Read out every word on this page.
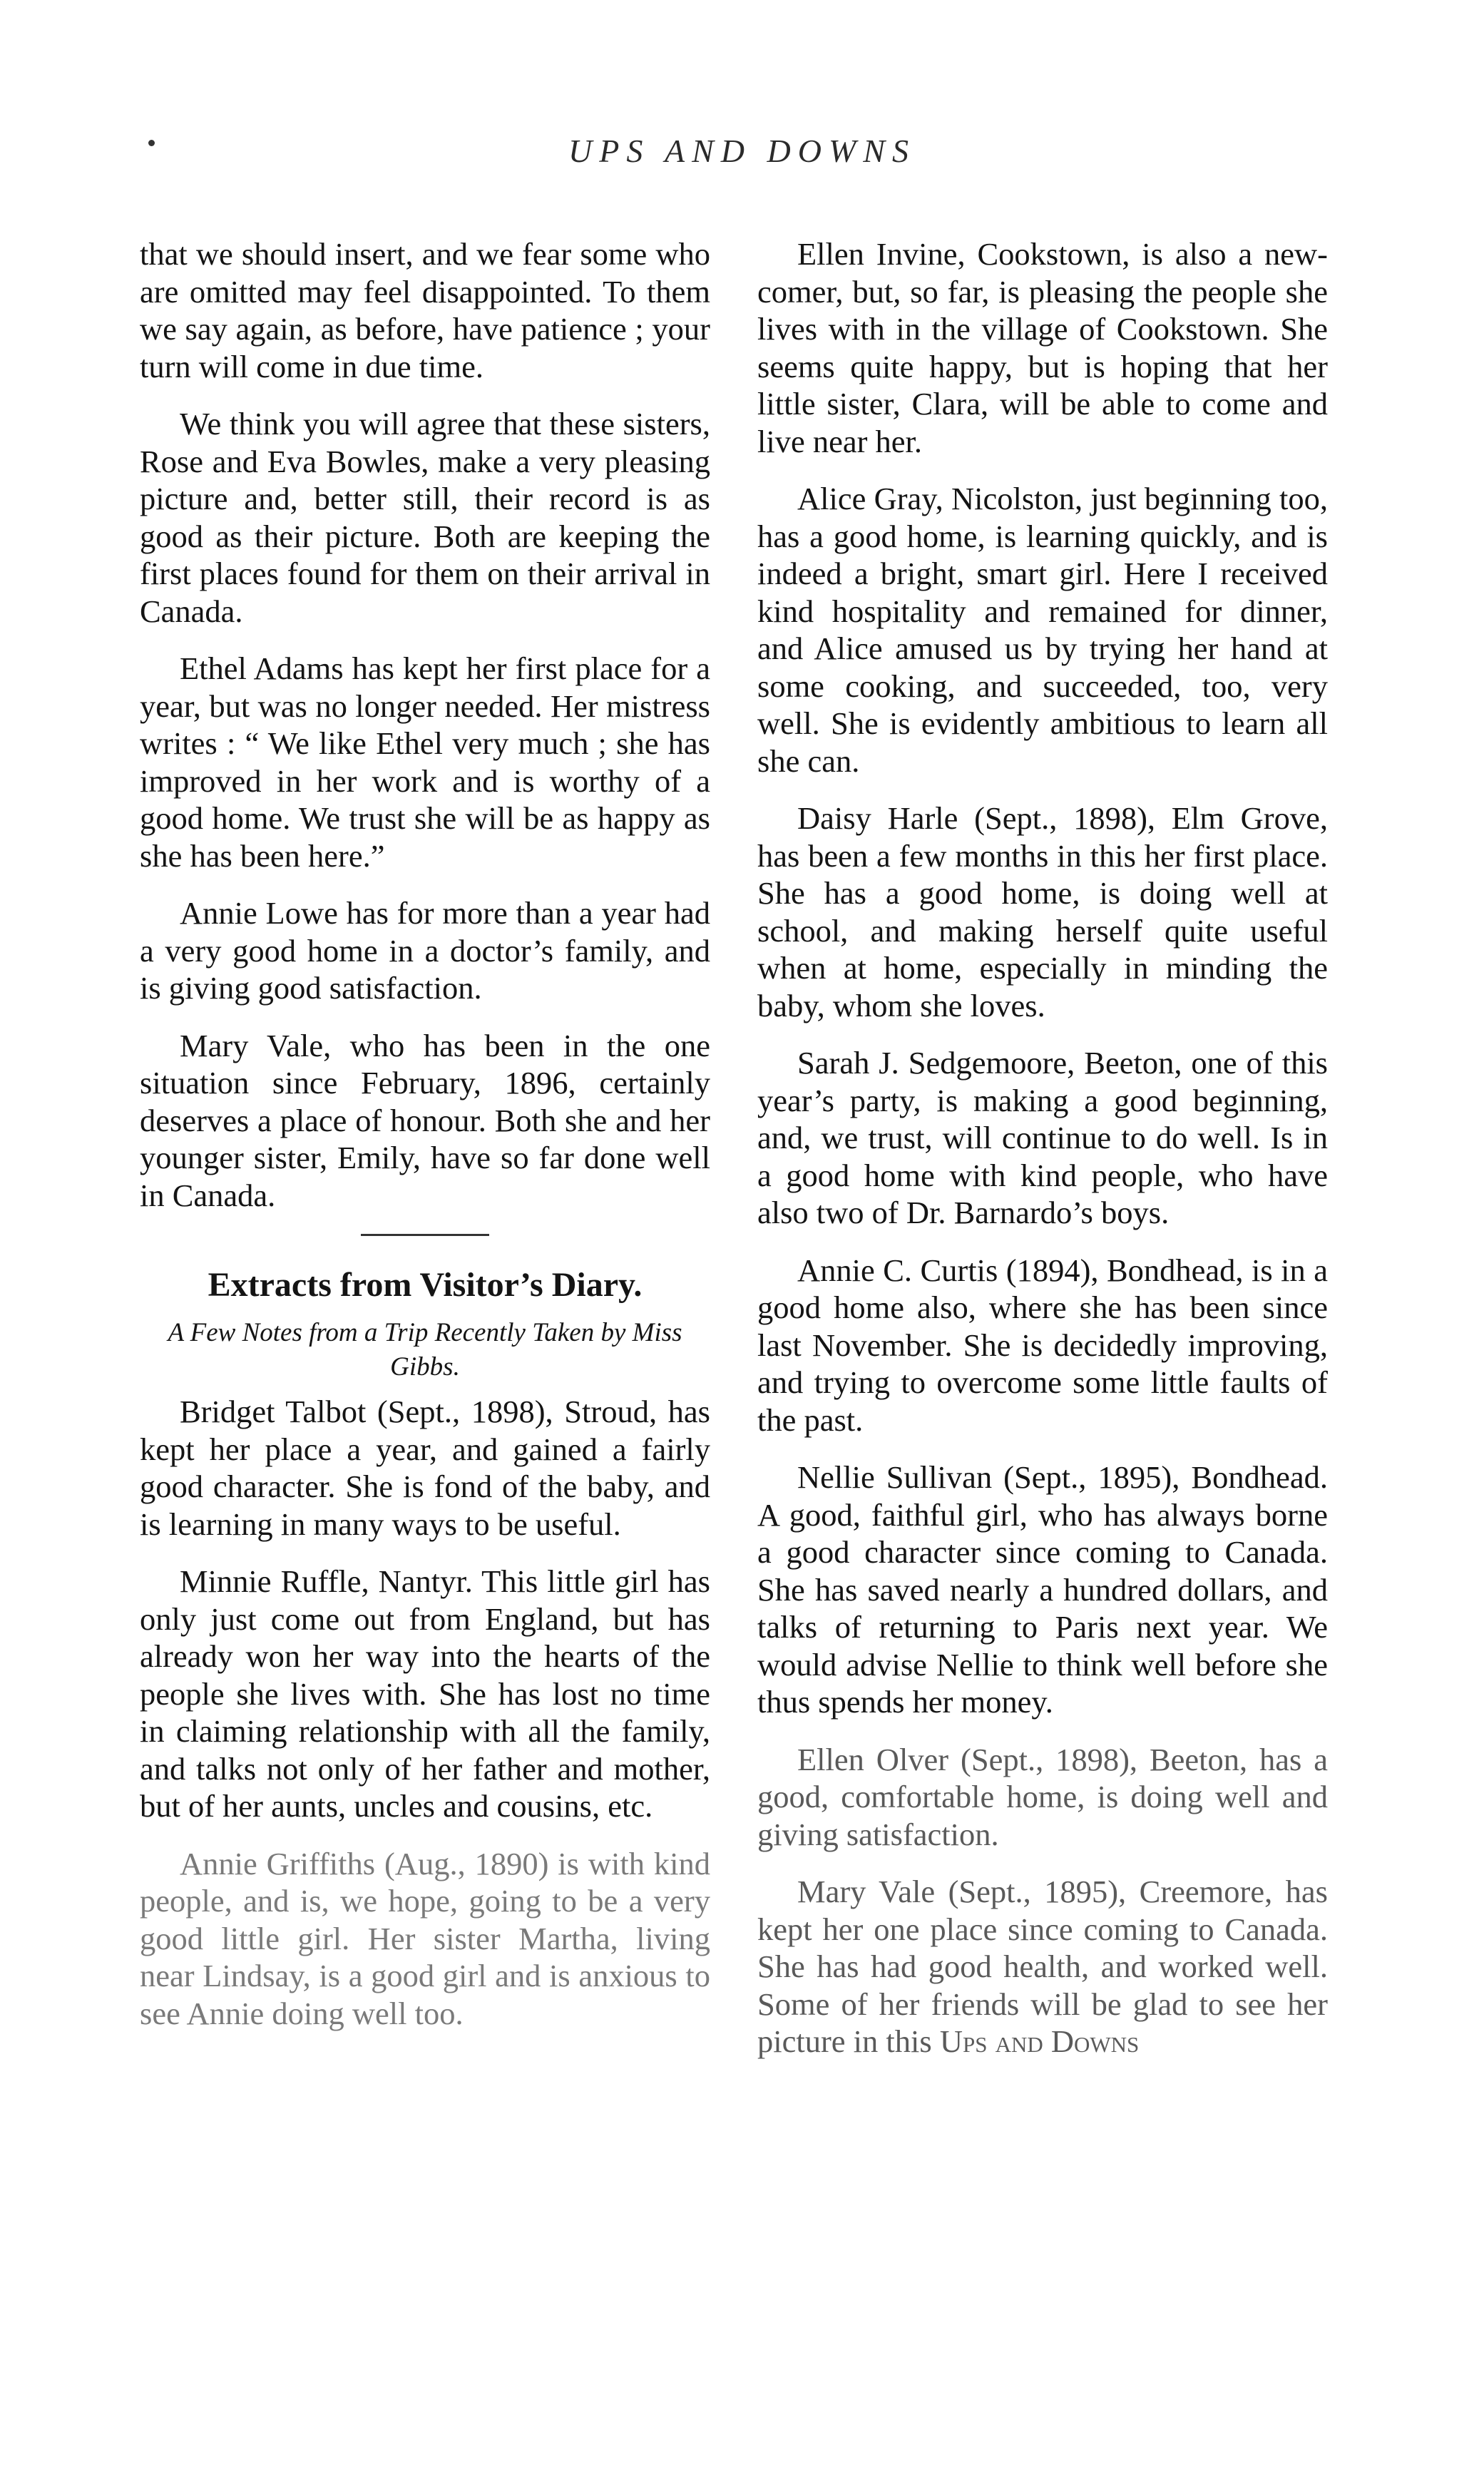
UPS AND DOWNS

that we should insert, and we fear some who are omitted may feel disappointed. To them we say again, as before, have patience ; your turn will come in due time.

We think you will agree that these sisters, Rose and Eva Bowles, make a very pleasing picture and, better still, their record is as good as their picture. Both are keeping the first places found for them on their arrival in Canada.

Ethel Adams has kept her first place for a year, but was no longer needed. Her mistress writes : “ We like Ethel very much ; she has improved in her work and is worthy of a good home. We trust she will be as happy as she has been here.”

Annie Lowe has for more than a year had a very good home in a doctor’s family, and is giving good satisfaction.

Mary Vale, who has been in the one situation since February, 1896, certainly deserves a place of honour. Both she and her younger sister, Emily, have so far done well in Canada.

Extracts from Visitor’s Diary.
A Few Notes from a Trip Recently Taken by Miss Gibbs.

Bridget Talbot (Sept., 1898), Stroud, has kept her place a year, and gained a fairly good character. She is fond of the baby, and is learning in many ways to be useful.

Minnie Ruffle, Nantyr. This little girl has only just come out from England, but has already won her way into the hearts of the people she lives with. She has lost no time in claiming relationship with all the family, and talks not only of her father and mother, but of her aunts, uncles and cousins, etc.

Annie Griffiths (Aug., 1890) is with kind people, and is, we hope, going to be a very good little girl. Her sister Martha, living near Lindsay, is a good girl and is anxious to see Annie doing well too.

Ellen Invine, Cookstown, is also a new-comer, but, so far, is pleasing the people she lives with in the village of Cookstown. She seems quite happy, but is hoping that her little sister, Clara, will be able to come and live near her.

Alice Gray, Nicolston, just beginning too, has a good home, is learning quickly, and is indeed a bright, smart girl. Here I received kind hospitality and remained for dinner, and Alice amused us by trying her hand at some cooking, and succeeded, too, very well. She is evidently ambitious to learn all she can.

Daisy Harle (Sept., 1898), Elm Grove, has been a few months in this her first place. She has a good home, is doing well at school, and making herself quite useful when at home, especially in minding the baby, whom she loves.

Sarah J. Sedgemoore, Beeton, one of this year’s party, is making a good beginning, and, we trust, will continue to do well. Is in a good home with kind people, who have also two of Dr. Barnardo’s boys.

Annie C. Curtis (1894), Bondhead, is in a good home also, where she has been since last November. She is decidedly improving, and trying to overcome some little faults of the past.

Nellie Sullivan (Sept., 1895), Bondhead. A good, faithful girl, who has always borne a good character since coming to Canada. She has saved nearly a hundred dollars, and talks of returning to Paris next year. We would advise Nellie to think well before she thus spends her money.

Ellen Olver (Sept., 1898), Beeton, has a good, comfortable home, is doing well and giving satisfaction.

Mary Vale (Sept., 1895), Creemore, has kept her one place since coming to Canada. She has had good health, and worked well. Some of her friends will be glad to see her picture in this Ups and Downs
